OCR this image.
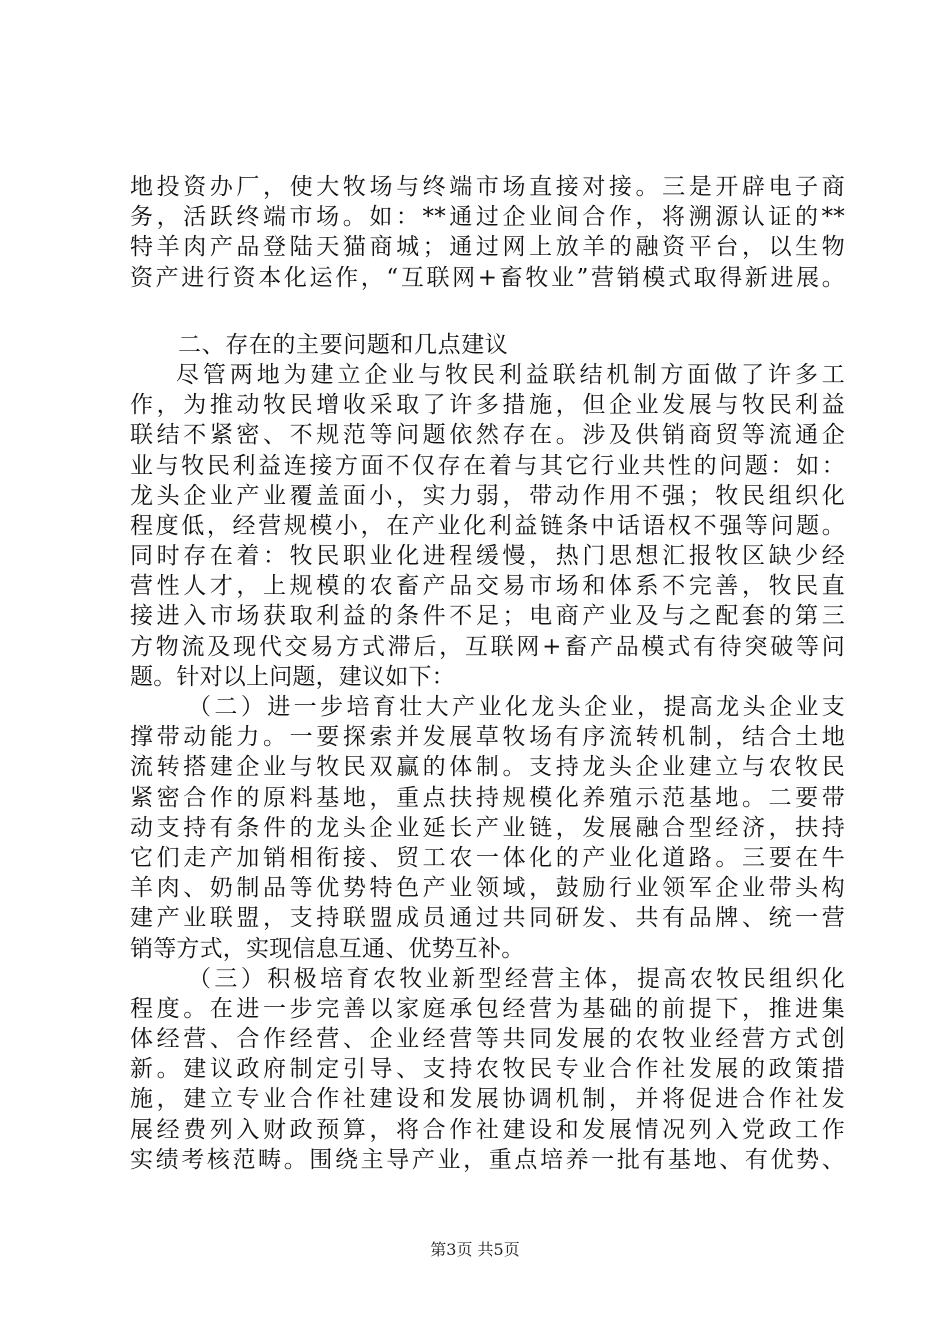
地投资办厂，使大牧场与终端市场直接对接。三是开辟电子商
务，活跃终端市场。如：**通过企业间合作，将溯源认证的**
特羊肉产品登陆天猫商城；通过网上放羊的融资平台，以生物
资产进行资本化运作，“互联网+畜牧业”营销模式取得新进展。
二、存在的主要问题和几点建议
尽管两地为建立企业与牧民利益联结机制方面做了许多工
作，为推动牧民增收采取了许多措施，但企业发展与牧民利益
联结不紧密、不规范等问题依然存在。涉及供销商贸等流通企
业与牧民利益连接方面不仅存在着与其它行业共性的问题：如：
龙头企业产业覆盖面小，实力弱，带动作用不强；牧民组织化
程度低，经营规模小，在产业化利益链条中话语权不强等问题。
同时存在着：牧民职业化进程缓慢，热门思想汇报牧区缺少经
营性人才，上规模的农畜产品交易市场和体系不完善，牧民直
接进入市场获取利益的条件不足；电商产业及与之配套的第三
方物流及现代交易方式滞后，互联网+畜产品模式有待突破等问
题。针对以上问题，建议如下：
（二）进一步培育壮大产业化龙头企业，提高龙头企业支
撑带动能力。一要探索并发展草牧场有序流转机制，结合土地
流转搭建企业与牧民双赢的体制。支持龙头企业建立与农牧民
紧密合作的原料基地，重点扶持规模化养殖示范基地。二要带
动支持有条件的龙头企业延长产业链，发展融合型经济，扶持
它们走产加销相衔接、贸工农一体化的产业化道路。三要在牛
羊肉、奶制品等优势特色产业领域，鼓励行业领军企业带头构
建产业联盟，支持联盟成员通过共同研发、共有品牌、统一营
销等方式，实现信息互通、优势互补。
（三）积极培育农牧业新型经营主体，提高农牧民组织化
程度。在进一步完善以家庭承包经营为基础的前提下，推进集
体经营、合作经营、企业经营等共同发展的农牧业经营方式创
新。建议政府制定引导、支持农牧民专业合作社发展的政策措
施，建立专业合作社建设和发展协调机制，并将促进合作社发
展经费列入财政预算，将合作社建设和发展情况列入党政工作
实绩考核范畴。围绕主导产业，重点培养一批有基地、有优势、
第3页 共5页
